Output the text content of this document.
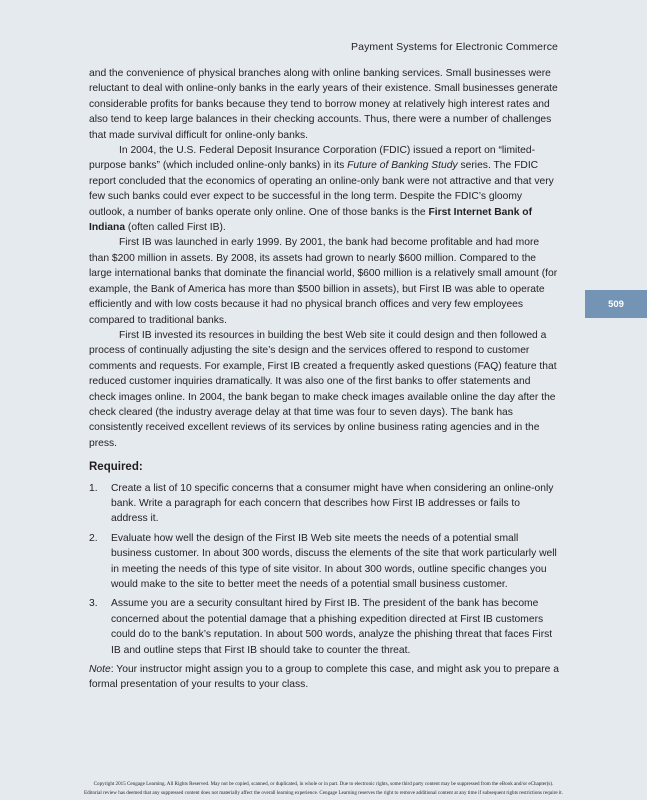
Payment Systems for Electronic Commerce
509

and the convenience of physical branches along with online banking services. Small businesses were reluctant to deal with online-only banks in the early years of their existence. Small businesses generate considerable profits for banks because they tend to borrow money at relatively high interest rates and also tend to keep large balances in their checking accounts. Thus, there were a number of challenges that made survival difficult for online-only banks.

In 2004, the U.S. Federal Deposit Insurance Corporation (FDIC) issued a report on “limited-purpose banks” (which included online-only banks) in its Future of Banking Study series. The FDIC report concluded that the economics of operating an online-only bank were not attractive and that very few such banks could ever expect to be successful in the long term. Despite the FDIC’s gloomy outlook, a number of banks operate only online. One of those banks is the First Internet Bank of Indiana (often called First IB).

First IB was launched in early 1999. By 2001, the bank had become profitable and had more than $200 million in assets. By 2008, its assets had grown to nearly $600 million. Compared to the large international banks that dominate the financial world, $600 million is a relatively small amount (for example, the Bank of America has more than $500 billion in assets), but First IB was able to operate efficiently and with low costs because it had no physical branch offices and very few employees compared to traditional banks.

First IB invested its resources in building the best Web site it could design and then followed a process of continually adjusting the site’s design and the services offered to respond to customer comments and requests. For example, First IB created a frequently asked questions (FAQ) feature that reduced customer inquiries dramatically. It was also one of the first banks to offer statements and check images online. In 2004, the bank began to make check images available online the day after the check cleared (the industry average delay at that time was four to seven days). The bank has consistently received excellent reviews of its services by online business rating agencies and in the press.

Required:
1. Create a list of 10 specific concerns that a consumer might have when considering an online-only bank. Write a paragraph for each concern that describes how First IB addresses or fails to address it.
2. Evaluate how well the design of the First IB Web site meets the needs of a potential small business customer. In about 300 words, discuss the elements of the site that work particularly well in meeting the needs of this type of site visitor. In about 300 words, outline specific changes you would make to the site to better meet the needs of a potential small business customer.
3. Assume you are a security consultant hired by First IB. The president of the bank has become concerned about the potential damage that a phishing expedition directed at First IB customers could do to the bank’s reputation. In about 500 words, analyze the phishing threat that faces First IB and outline steps that First IB should take to counter the threat.

Note: Your instructor might assign you to a group to complete this case, and might ask you to prepare a formal presentation of your results to your class.

Copyright 2015 Cengage Learning. All Rights Reserved. May not be copied, scanned, or duplicated, in whole or in part. Due to electronic rights, some third party content may be suppressed from the eBook and/or eChapter(s).
Editorial review has deemed that any suppressed content does not materially affect the overall learning experience. Cengage Learning reserves the right to remove additional content at any time if subsequent rights restrictions require it.
